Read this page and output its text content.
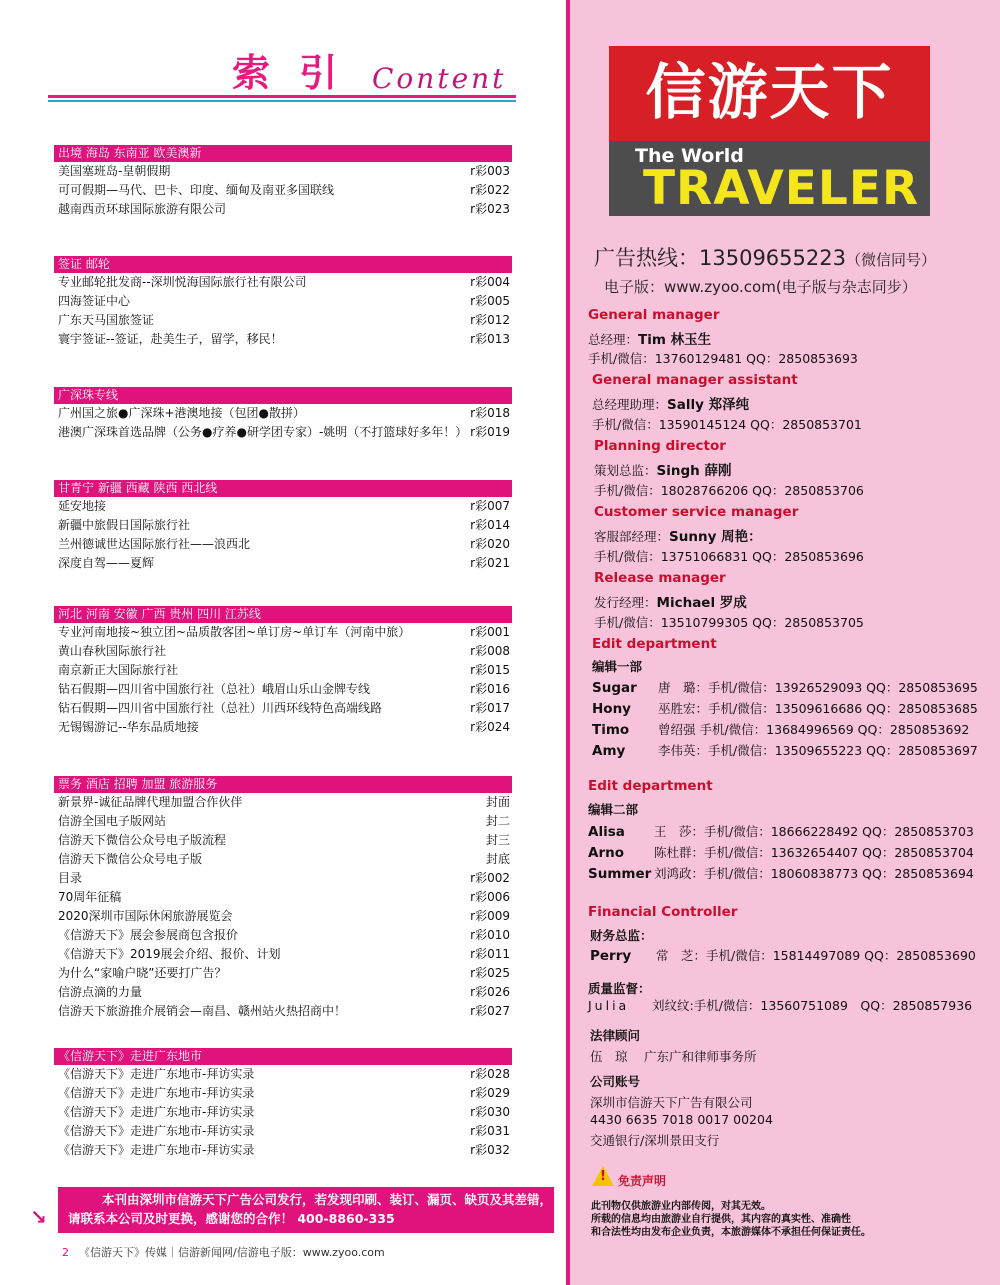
索 引 Content
出境 海岛 东南亚 欧美澳新
美国塞班岛-皇朝假期	r彩003
可可假期—马代、巴卡、印度、缅甸及南亚多国联线	r彩022
越南西贡环球国际旅游有限公司	r彩023
签证 邮轮
专业邮轮批发商--深圳悦海国际旅行社有限公司	r彩004
四海签证中心	r彩005
广东天马国旅签证	r彩012
寰宇签证--签证，赴美生子，留学，移民！	r彩013
广深珠专线
广州国之旅●广深珠+港澳地接（包团●散拼）	r彩018
港澳广深珠首选品牌（公务●疗养●研学团专家）-姚明（不打篮球好多年！） r彩019
甘青宁 新疆 西藏 陕西 西北线
延安地接	r彩007
新疆中旅假日国际旅行社	r彩014
兰州德诚世达国际旅行社——浪西北	r彩020
深度自驾——夏辉	r彩021
河北 河南 安徽 广西 贵州 四川 江苏线
专业河南地接~独立团~品质散客团~单订房~单订车（河南中旅）	r彩001
黄山春秋国际旅行社	r彩008
南京新正大国际旅行社	r彩015
钻石假期—四川省中国旅行社（总社）峨眉山乐山金牌专线	r彩016
钻石假期—四川省中国旅行社（总社）川西环线特色高端线路	r彩017
无锡锡游记--华东品质地接	r彩024
票务 酒店 招聘 加盟 旅游服务
新景界-诚征品牌代理加盟合作伙伴	封面
信游全国电子版网站	封二
信游天下微信公众号电子版流程	封三
信游天下微信公众号电子版	封底
目录	r彩002
70周年征稿	r彩006
2020深圳市国际休闲旅游展览会	r彩009
《信游天下》展会参展商包含报价	r彩010
《信游天下》2019展会介绍、报价、计划	r彩011
为什么“家喻户晓”还要打广告？	r彩025
信游点滴的力量	r彩026
信游天下旅游推介展销会—南昌、赣州站火热招商中！	r彩027
《信游天下》走进广东地市
《信游天下》走进广东地市-拜访实录	r彩028
《信游天下》走进广东地市-拜访实录	r彩029
《信游天下》走进广东地市-拜访实录	r彩030
《信游天下》走进广东地市-拜访实录	r彩031
《信游天下》走进广东地市-拜访实录	r彩032
↘
本刊由深圳市信游天下广告公司发行，若发现印刷、装订、漏页、缺页及其差错，
请联系本公司及时更换，感谢您的合作！ 400-8860-335
2 《信游天下》传媒｜信游新闻网/信游电子版：www.zyoo.com
信游天下
The World
TRAVELER
广告热线：13509655223（微信同号）
电子版：www.zyoo.com(电子版与杂志同步）
General manager
总经理：Tim 林玉生
手机/微信：13760129481 QQ：2850853693
General manager assistant
总经理助理：Sally 郑泽纯
手机/微信：13590145124 QQ：2850853701
Planning director
策划总监：Singh 薛刚
手机/微信：18028766206 QQ：2850853706
Customer service manager
客服部经理：Sunny 周艳：
手机/微信：13751066831 QQ：2850853696
Release manager
发行经理：Michael 罗成
手机/微信：13510799305 QQ：2850853705
Edit department
编辑一部
Sugar 唐　璐：手机/微信：13926529093 QQ：2850853695
Hony 巫胜宏：手机/微信：13509616686 QQ：2850853685
Timo 曾绍强 手机/微信：13684996569 QQ：2850853692
Amy	李伟英：手机/微信：13509655223 QQ：2850853697
Edit department
编辑二部
Alisa 王　莎：手机/微信：18666228492 QQ：2850853703
Arno 陈杜群：手机/微信：13632654407 QQ：2850853704
Summer 刘鸿政：手机/微信：18060838773 QQ：2850853694
Financial Controller
财务总监：
Perry 常　芝：手机/微信：15814497089 QQ：2850853690
质量监督：
Julia 刘纹纹:手机/微信：13560751089　QQ：2850857936
法律顾问
伍　琼　 广东广和律师事务所
公司账号
深圳市信游天下广告有限公司
4430 6635 7018 0017 00204
交通银行/深圳景田支行
! 免责声明
此刊物仅供旅游业内部传阅，对其无效。
所载的信息均由旅游业自行提供，其内容的真实性、准确性
和合法性均由发布企业负责，本旅游媒体不承担任何保证责任。
